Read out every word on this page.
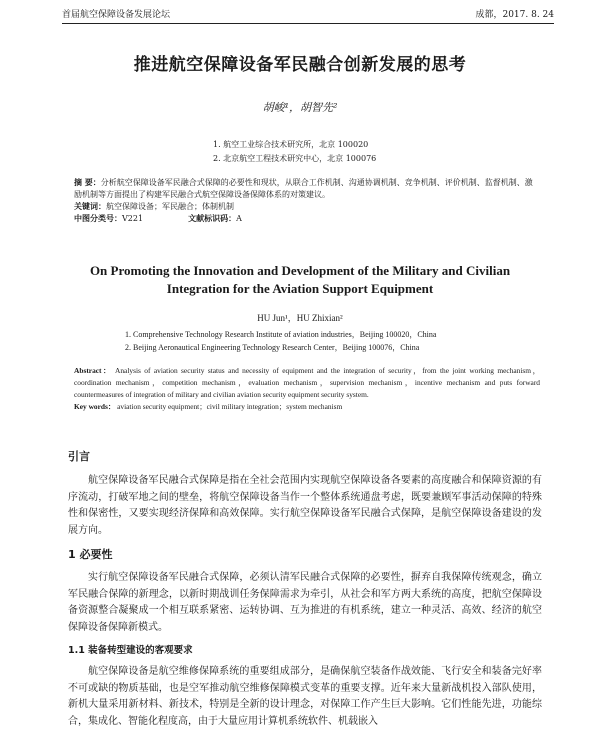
首届航空保障设备发展论坛	成都，2017. 8. 24
推进航空保障设备军民融合创新发展的思考
胡峻¹，胡智先²
1. 航空工业综合技术研究所，北京 100020
2. 北京航空工程技术研究中心，北京 100076
摘 要：分析航空保障设备军民融合式保障的必要性和现状，从联合工作机制、沟通协调机制、竞争机制、评价机制、监督机制、激励机制等方面提出了构建军民融合式航空保障设备保障体系的对策建议。
关键词：航空保障设备；军民融合；体制机制
中图分类号：V221	文献标识码：A
On Promoting the Innovation and Development of the Military and Civilian Integration for the Aviation Support Equipment
HU Jun¹，HU Zhixian²
1. Comprehensive Technology Research Institute of aviation industries，Beijing 100020，China
2. Beijing Aeronautical Engineering Technology Research Center，Beijing 100076，China
Abstract： Analysis of aviation security status and necessity of equipment and the integration of security，from the joint working mechanism，coordination mechanism，competition mechanism，evaluation mechanism，supervision mechanism，incentive mechanism and puts forward countermeasures of integration of military and civilian aviation security equipment security system.
Key words： aviation security equipment；civil military integration；system mechanism
引言

航空保障设备军民融合式保障是指在全社会范围内实现航空保障设备各要素的高度融合和保障资源的有序流动，打破军地之间的壁垒，将航空保障设备当作一个整体系统通盘考虑，既要兼顾军事活动保障的特殊性和保密性，又要实现经济保障和高效保障。实行航空保障设备军民融合式保障，是航空保障设备建设的发展方向。

1 必要性

实行航空保障设备军民融合式保障，必须认清军民融合式保障的必要性，摒弃自我保障传统观念，确立军民融合保障的新理念，以新时期战训任务保障需求为牵引，从社会和军方两大系统的高度，把航空保障设备资源整合凝聚成一个相互联系紧密、运转协调、互为推进的有机系统，建立一种灵活、高效、经济的航空保障设备保障新模式。

1.1 装备转型建设的客观要求

航空保障设备是航空维修保障系统的重要组成部分，是确保航空装备作战效能、飞行安全和装备完好率不可或缺的物质基础，也是空军推动航空维修保障模式变革的重要支撑。近年来大量新战机投入部队使用，新机大量采用新材料、新技术，特别是全新的设计理念，对保障工作产生巨大影响。它们性能先进，功能综合，集成化、智能化程度高，由于大量应用计算机系统软件、机载嵌入
